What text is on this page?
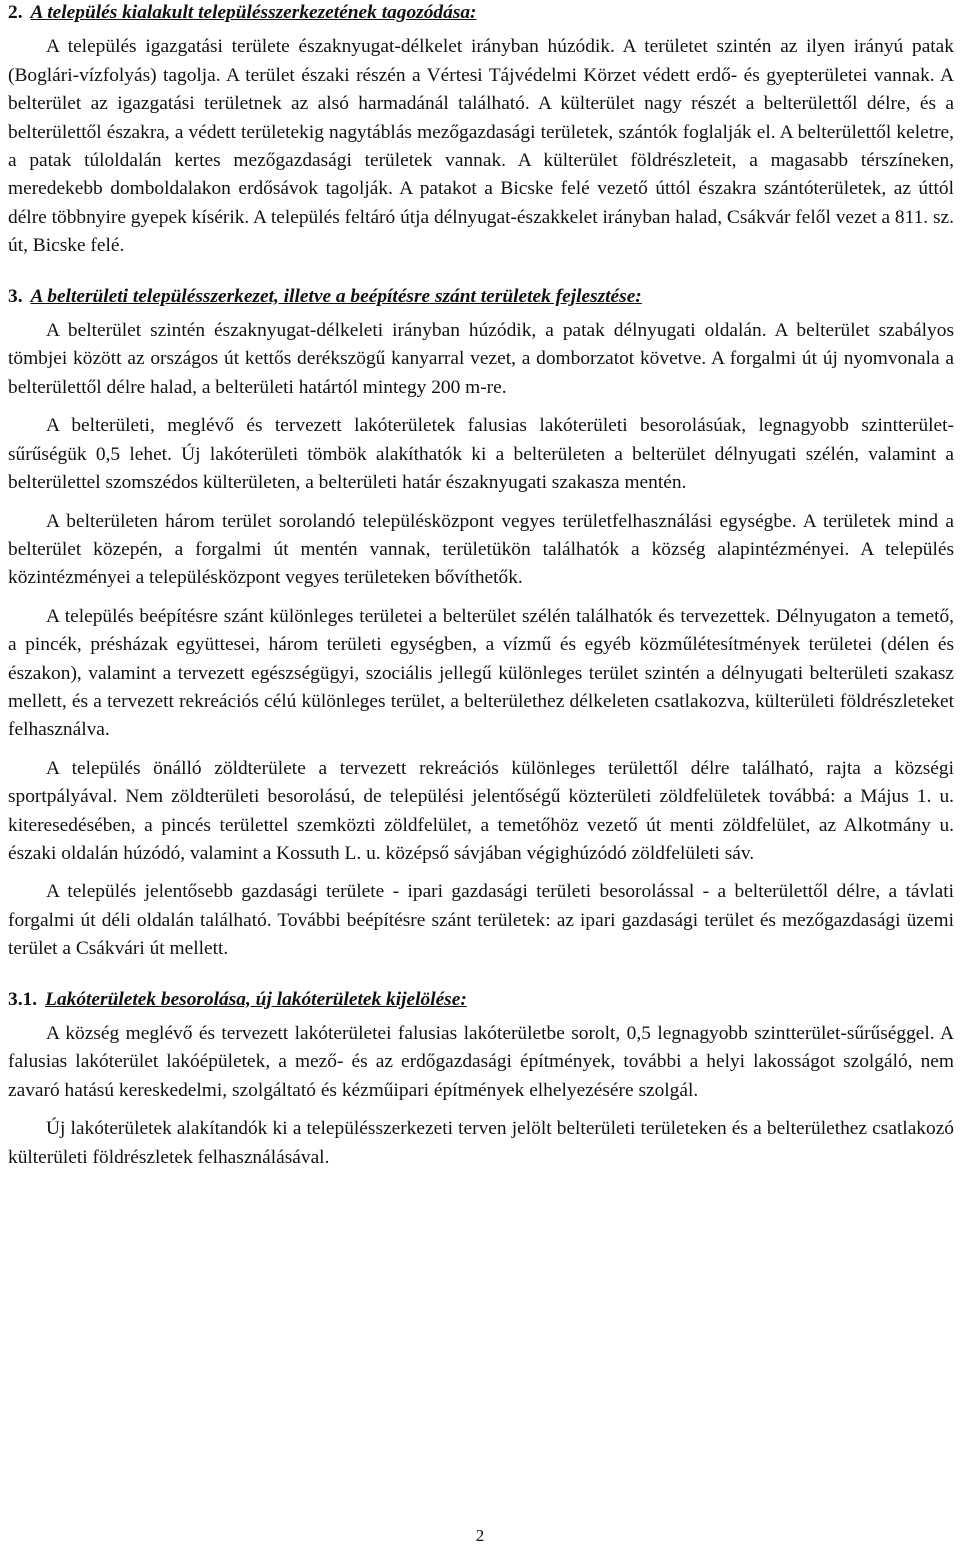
2. A település kialakult településszerkezetének tagozódása:

A település igazgatási területe északnyugat-délkelet irányban húzódik. A területet szintén az ilyen irányú patak (Boglári-vízfolyás) tagolja. A terület északi részén a Vértesi Tájvédelmi Körzet védett erdő- és gyepterületei vannak. A belterület az igazgatási területnek az alsó harmadánál található. A külterület nagy részét a belterülettől délre, és a belterülettől északra, a védett területekig nagytáblás mezőgazdasági területek, szántók foglalják el. A belterülettől keletre, a patak túloldalán kertes mezőgazdasági területek vannak. A külterület földrészleteit, a magasabb térszíneken, meredekebb domboldalakon erdősávok tagolják. A patakot a Bicske felé vezető úttól északra szántóterületek, az úttól délre többnyire gyepek kísérik. A település feltáró útja délnyugat-északkelet irányban halad, Csákvár felől vezet a 811. sz. út, Bicske felé.

3. A belterületi településszerkezet, illetve a beépítésre szánt területek fejlesztése:

A belterület szintén északnyugat-délkeleti irányban húzódik, a patak délnyugati oldalán. A belterület szabályos tömbjei között az országos út kettős derékszögű kanyarral vezet, a domborzatot követve. A forgalmi út új nyomvonala a belterülettől délre halad, a belterületi határtól mintegy 200 m-re.

A belterületi, meglévő és tervezett lakóterületek falusias lakóterületi besorolásúak, legnagyobb szintterület-sűrűségük 0,5 lehet. Új lakóterületi tömbök alakíthatók ki a belterületen a belterület délnyugati szélén, valamint a belterülettel szomszédos külterületen, a belterületi határ északnyugati szakasza mentén.

A belterületen három terület sorolandó településközpont vegyes területfelhasználási egységbe. A területek mind a belterület közepén, a forgalmi út mentén vannak, területükön találhatók a község alapintézményei. A település közintézményei a településközpont vegyes területeken bővíthetők.

A település beépítésre szánt különleges területei a belterület szélén találhatók és tervezettek. Délnyugaton a temető, a pincék, présházak együttesei, három területi egységben, a vízmű és egyéb közműlétesítmények területei (délen és északon), valamint a tervezett egészségügyi, szociális jellegű különleges terület szintén a délnyugati belterületi szakasz mellett, és a tervezett rekreációs célú különleges terület, a belterülethez délkeleten csatlakozva, külterületi földrészleteket felhasználva.

A település önálló zöldterülete a tervezett rekreációs különleges területtől délre található, rajta a községi sportpályával. Nem zöldterületi besorolású, de települési jelentőségű közterületi zöldfelületek továbbá: a Május 1. u. kiteresedésében, a pincés területtel szemközti zöldfelület, a temetőhöz vezető út menti zöldfelület, az Alkotmány u. északi oldalán húzódó, valamint a Kossuth L. u. középső sávjában végighúzódó zöldfelületi sáv.

A település jelentősebb gazdasági területe - ipari gazdasági területi besorolással - a belterülettől délre, a távlati forgalmi út déli oldalán található. További beépítésre szánt területek: az ipari gazdasági terület és mezőgazdasági üzemi terület a Csákvári út mellett.

3.1. Lakóterületek besorolása, új lakóterületek kijelölése:

A község meglévő és tervezett lakóterületei falusias lakóterületbe sorolt, 0,5 legnagyobb szintterület-sűrűséggel. A falusias lakóterület lakóépületek, a mező- és az erdőgazdasági építmények, további a helyi lakosságot szolgáló, nem zavaró hatású kereskedelmi, szolgáltató és kézműipari építmények elhelyezésére szolgál.

Új lakóterületek alakítandók ki a településszerkezeti terven jelölt belterületi területeken és a belterülethez csatlakozó külterületi földrészletek felhasználásával.

2
